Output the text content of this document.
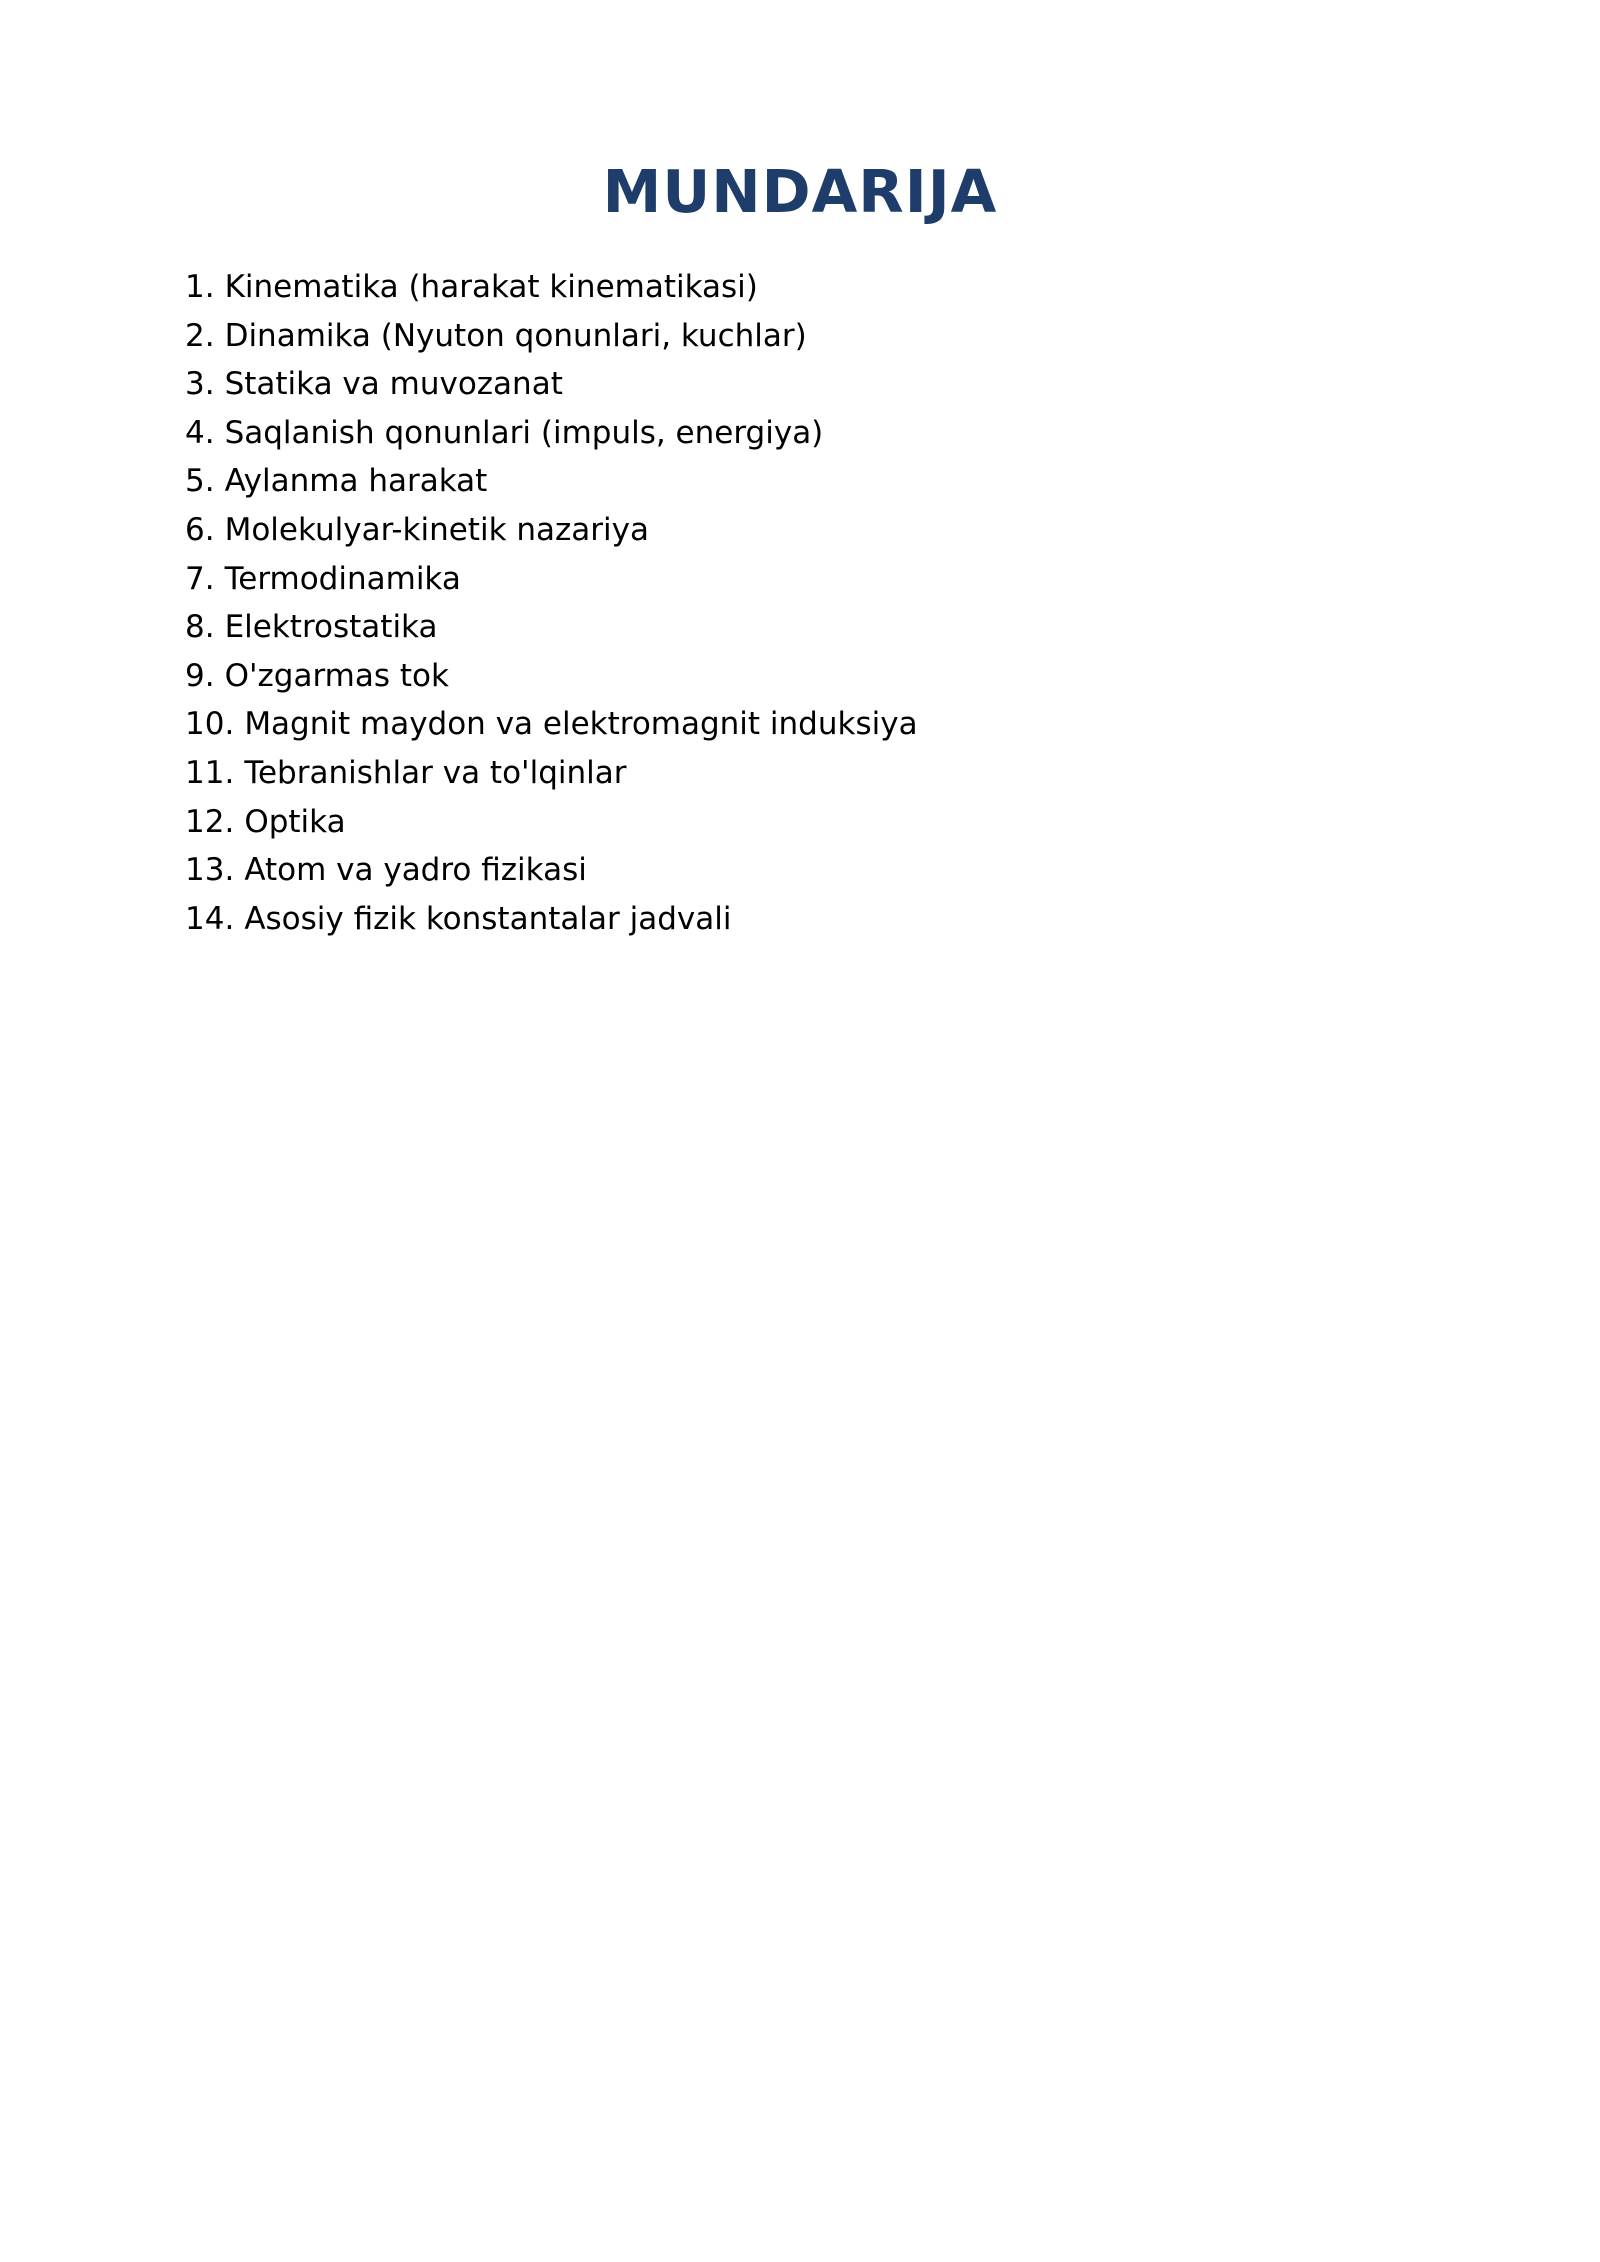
MUNDARIJA
1. Kinematika (harakat kinematikasi)
2. Dinamika (Nyuton qonunlari, kuchlar)
3. Statika va muvozanat
4. Saqlanish qonunlari (impuls, energiya)
5. Aylanma harakat
6. Molekulyar-kinetik nazariya
7. Termodinamika
8. Elektrostatika
9. O'zgarmas tok
10. Magnit maydon va elektromagnit induksiya
11. Tebranishlar va to'lqinlar
12. Optika
13. Atom va yadro fizikasi
14. Asosiy fizik konstantalar jadvali
